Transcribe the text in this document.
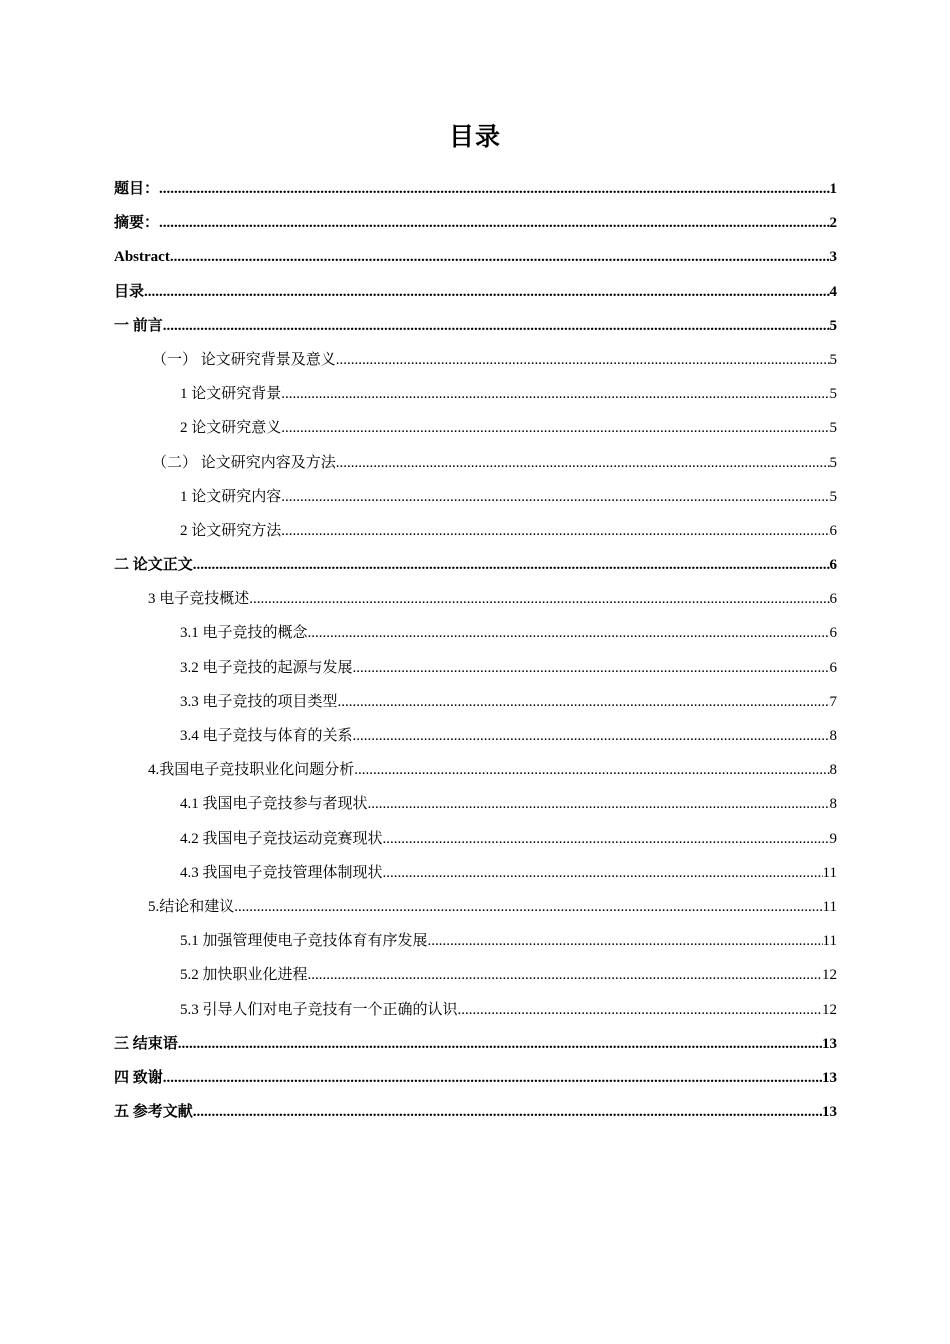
目录
题目： .....	1
摘要： .....	2
Abstract .....	3
目录 .....	4
一 前言 .....	5
（一） 论文研究背景及意义 .....	5
1 论文研究背景 .....	5
2 论文研究意义 .....	5
（二） 论文研究内容及方法 .....	5
1 论文研究内容 .....	5
2 论文研究方法 .....	6
二 论文正文 .....	6
3 电子竞技概述 .....	6
3.1 电子竞技的概念 .....	6
3.2 电子竞技的起源与发展 .....	6
3.3 电子竞技的项目类型 .....	7
3.4 电子竞技与体育的关系 .....	8
4.我国电子竞技职业化问题分析 .....	8
4.1 我国电子竞技参与者现状 .....	8
4.2 我国电子竞技运动竞赛现状 .....	9
4.3 我国电子竞技管理体制现状 .....	11
5.结论和建议 .....	11
5.1 加强管理使电子竞技体育有序发展 .....	11
5.2 加快职业化进程 .....	12
5.3 引导人们对电子竞技有一个正确的认识 .....	12
三 结束语 .....	13
四 致谢 .....	13
五 参考文献 .....	13
